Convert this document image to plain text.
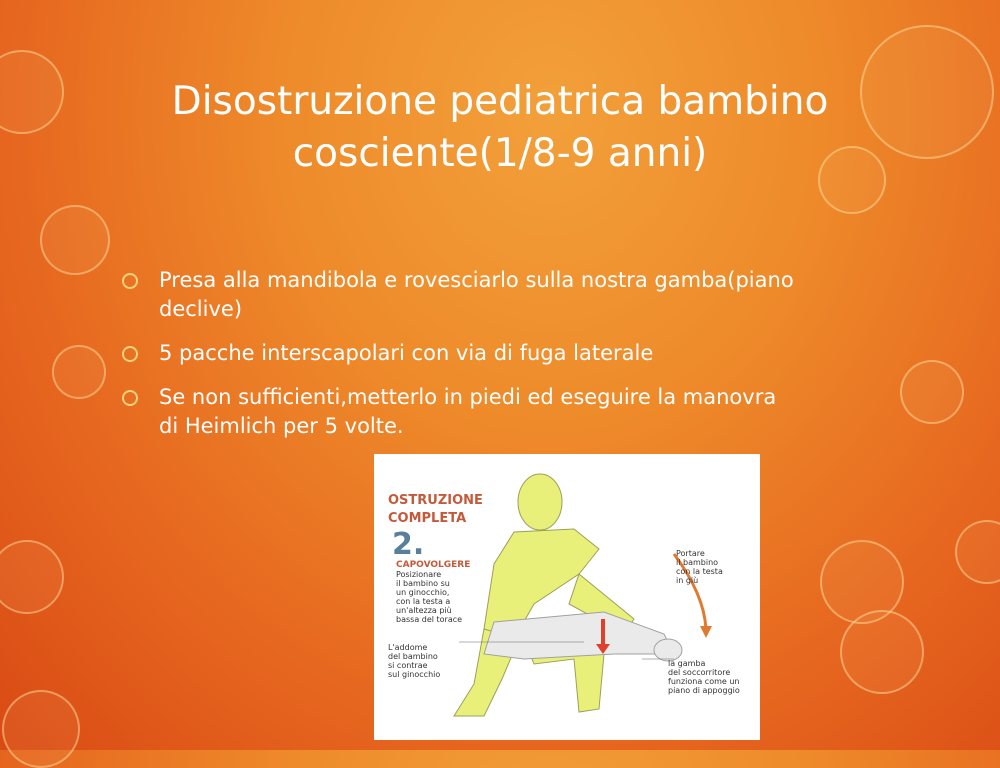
Disostruzione pediatrica bambino
cosciente(1/8-9 anni)
Presa alla mandibola e rovesciarlo sulla nostra gamba(piano declive)
5 pacche interscapolari con via di fuga laterale
Se non sufficienti,metterlo in piedi ed eseguire la manovra di Heimlich per 5 volte.
OSTRUZIONE
COMPLETA
2.
CAPOVOLGERE
Posizionare
il bambino su
un ginocchio,
con la testa a
un'altezza più
bassa del torace
Portare
il bambino
con la testa
in giù
L'addome
del bambino
si contrae
sul ginocchio
la gamba
del soccorritore
funziona come un
piano di appoggio
